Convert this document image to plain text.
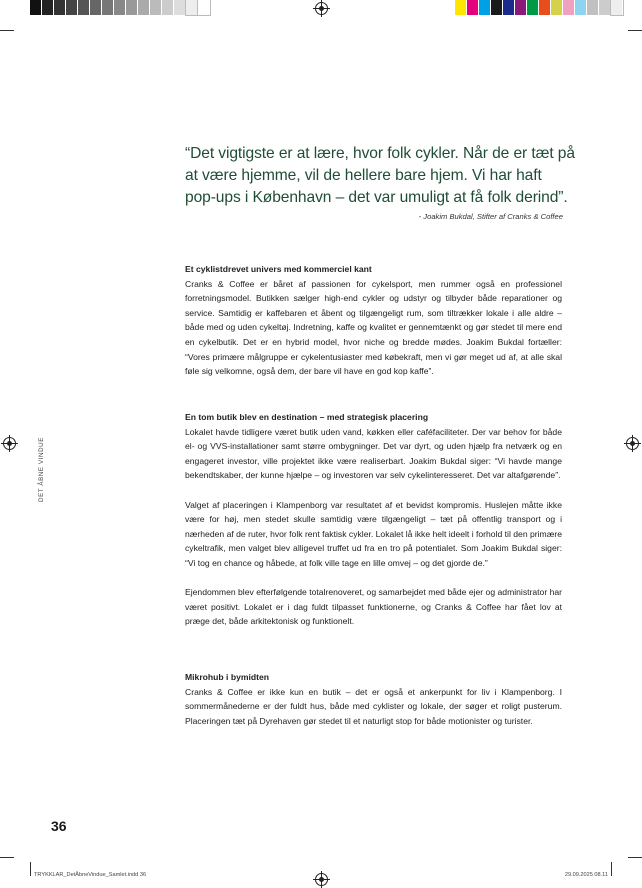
“Det vigtigste er at lære, hvor folk cykler. Når de er tæt på at være hjemme, vil de hellere bare hjem. Vi har haft pop-ups i København – det var umuligt at få folk derind”.
- Joakim Bukdal, Stifter af Cranks & Coffee
Et cyklistdrevet univers med kommerciel kant

Cranks & Coffee er båret af passionen for cykelsport, men rummer også en professionel forretningsmodel. Butikken sælger high-end cykler og udstyr og tilbyder både reparationer og service. Samtidig er kaffebaren et åbent og tilgængeligt rum, som tiltrækker lokale i alle aldre – både med og uden cykeltøj. Indretning, kaffe og kvalitet er gennemtænkt og gør stedet til mere end en cykelbutik. Det er en hybrid model, hvor niche og bredde mødes. Joakim Bukdal fortæller: “Vores primære målgruppe er cykelentusiaster med købekraft, men vi gør meget ud af, at alle skal føle sig velkomne, også dem, der bare vil have en god kop kaffe”.

En tom butik blev en destination – med strategisk placering

Lokalet havde tidligere været butik uden vand, køkken eller caféfaciliteter. Der var behov for både el- og VVS-installationer samt større ombygninger. Det var dyrt, og uden hjælp fra netværk og en engageret investor, ville projektet ikke være realiserbart. Joakim Bukdal siger: “Vi havde mange bekendtskaber, der kunne hjælpe – og investoren var selv cykelinteresseret. Det var altafgørende”.

Valget af placeringen i Klampenborg var resultatet af et bevidst kompromis. Huslejen måtte ikke være for høj, men stedet skulle samtidig være tilgængeligt – tæt på offentlig transport og i nærheden af de ruter, hvor folk rent faktisk cykler. Lokalet lå ikke helt ideelt i forhold til den primære cykeltrafik, men valget blev alligevel truffet ud fra en tro på potentialet. Som Joakim Bukdal siger: “Vi tog en chance og håbede, at folk ville tage en lille omvej – og det gjorde de.”

Ejendommen blev efterfølgende totalrenoveret, og samarbejdet med både ejer og administrator har været positivt. Lokalet er i dag fuldt tilpasset funktionerne, og Cranks & Coffee har fået lov at præge det, både arkitektonisk og funktionelt.

Mikrohub i bymidten

Cranks & Coffee er ikke kun en butik – det er også et ankerpunkt for liv i Klampenborg. I sommermånederne er der fuldt hus, både med cyklister og lokale, der søger et roligt pusterum. Placeringen tæt på Dyrehaven gør stedet til et naturligt stop for både motionister og turister.

DET ÅBNE VINDUE
36
TRYKKLAR_DetÅbneVindue_Samlet.indd 36	29.09.2025 08.11
